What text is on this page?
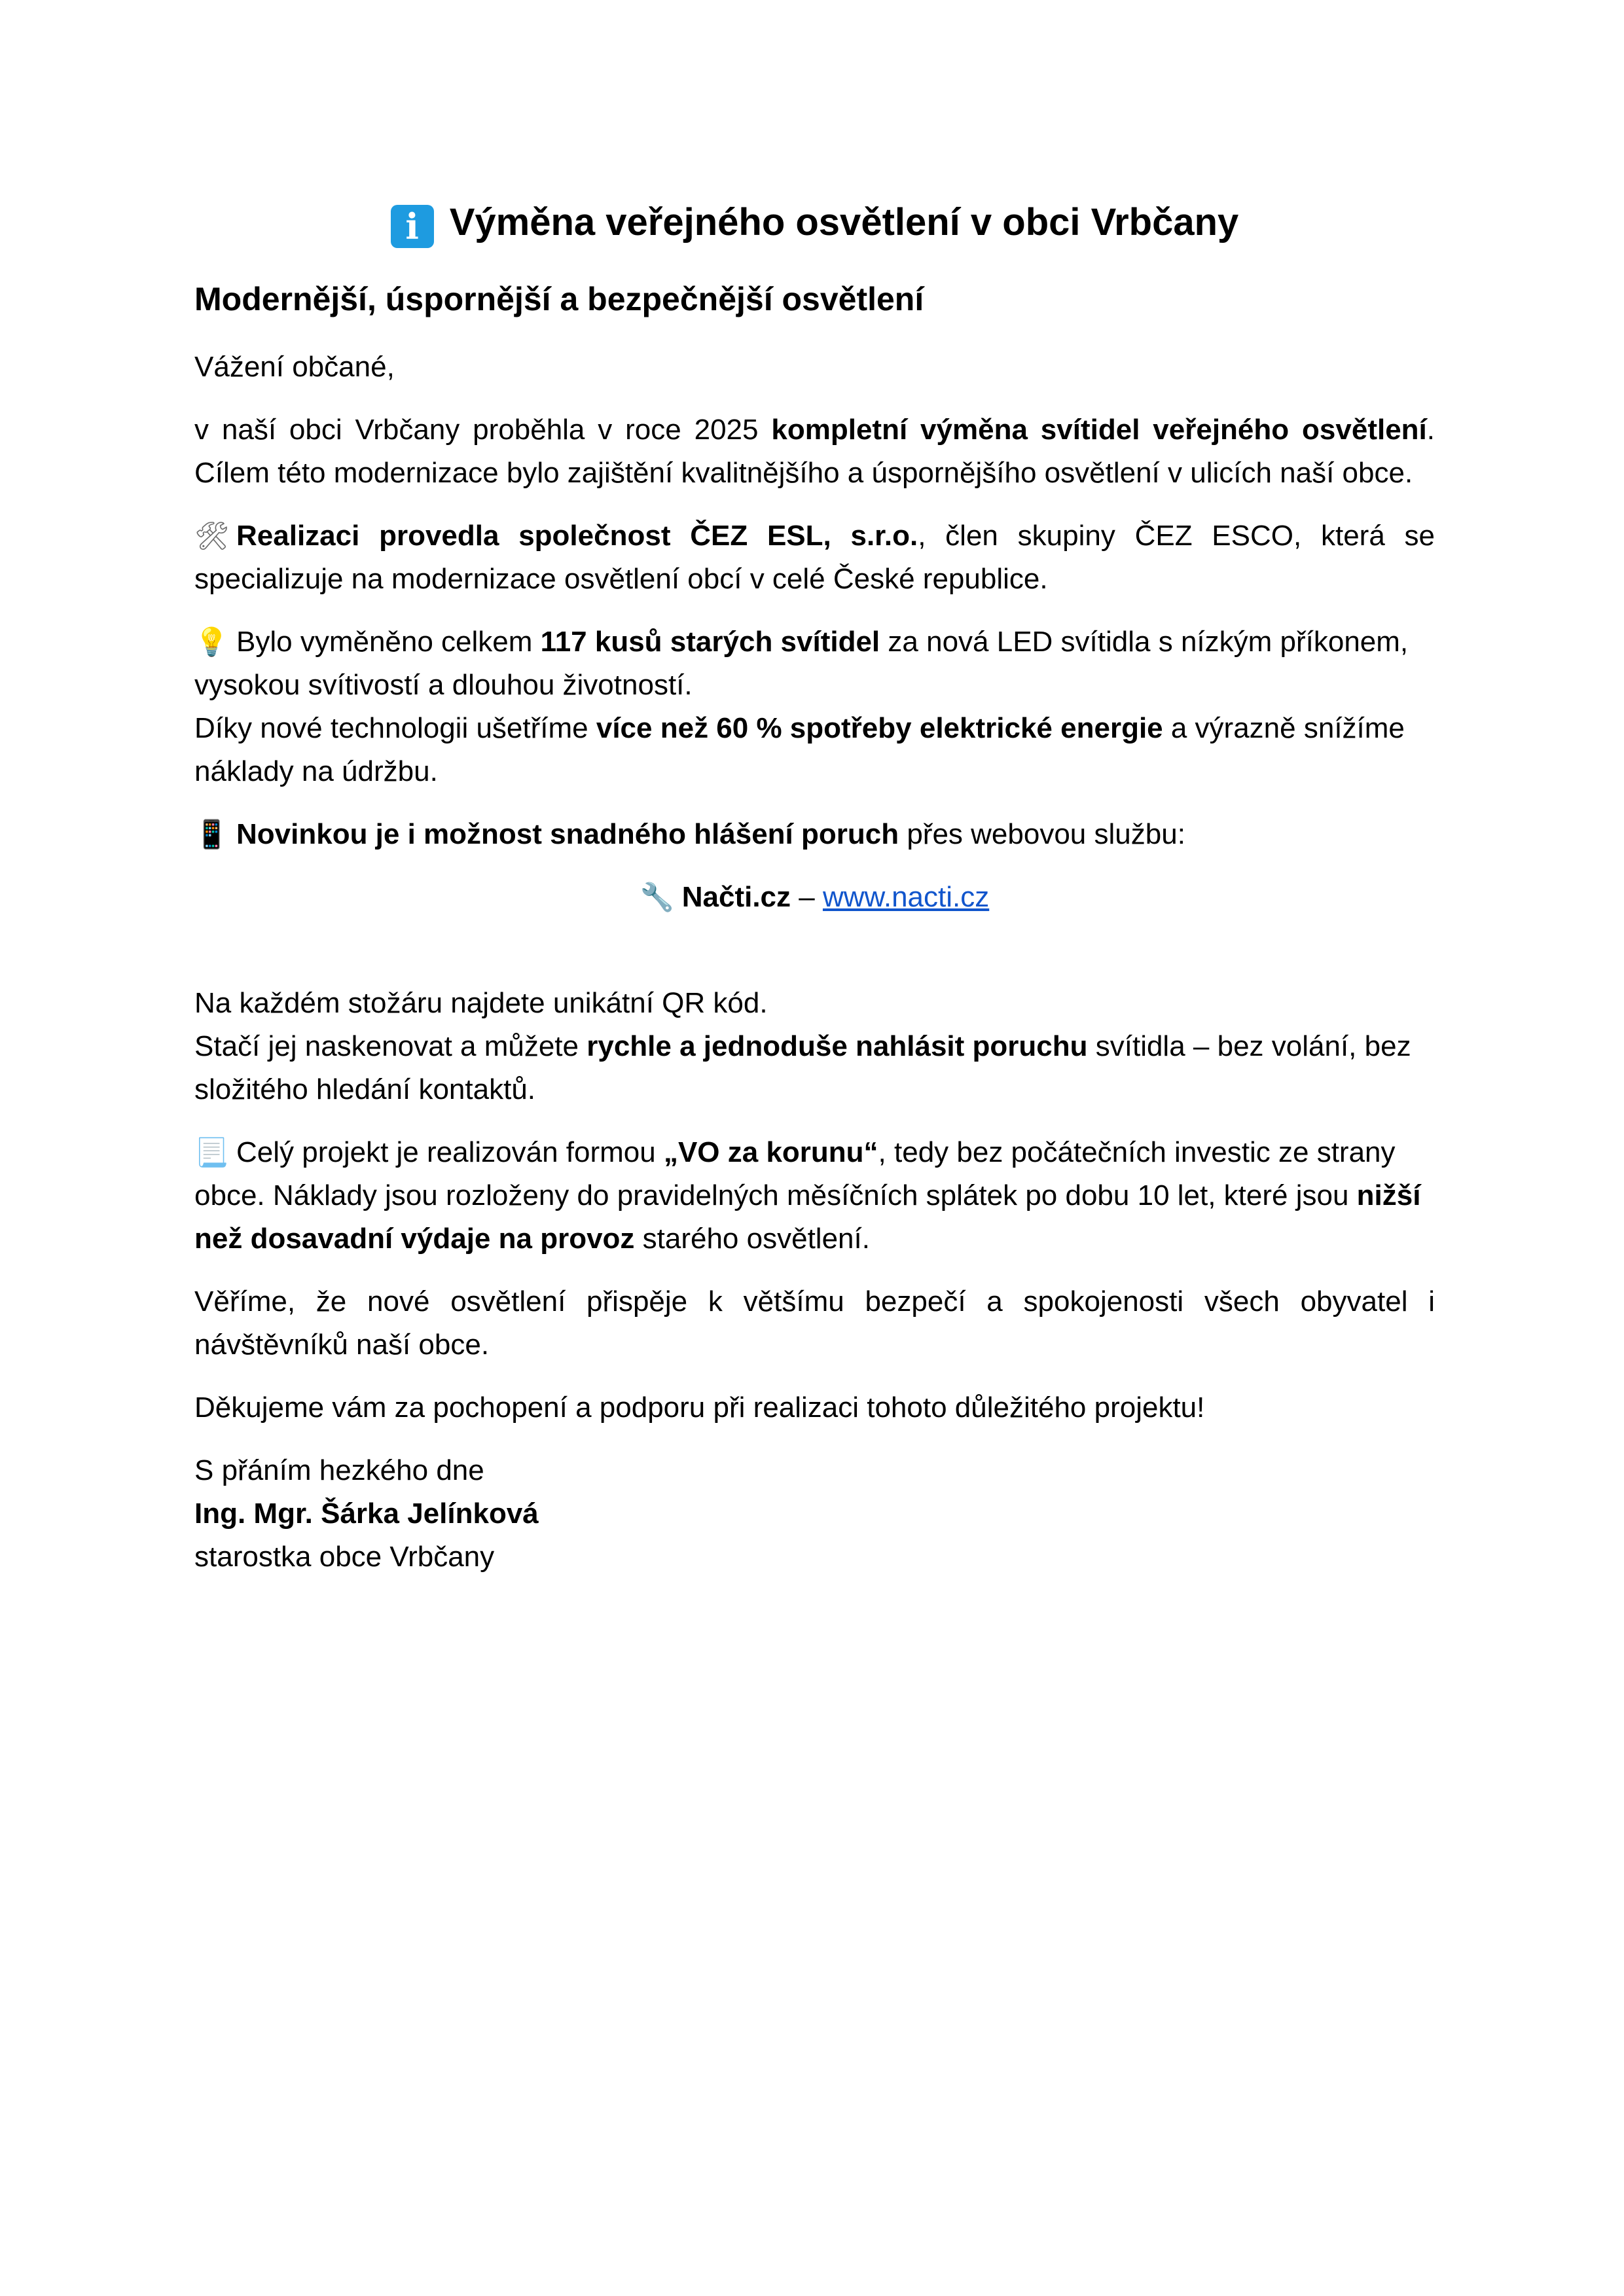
i Výměna veřejného osvětlení v obci Vrbčany
Modernější, úspornější a bezpečnější osvětlení

Vážení občané,

v naší obci Vrbčany proběhla v roce 2025 kompletní výměna svítidel veřejného osvětlení. Cílem této modernizace bylo zajištění kvalitnějšího a úspornějšího osvětlení v ulicích naší obce.

🛠 Realizaci provedla společnost ČEZ ESL, s.r.o., člen skupiny ČEZ ESCO, která se specializuje na modernizace osvětlení obcí v celé České republice.

💡 Bylo vyměněno celkem 117 kusů starých svítidel za nová LED svítidla s nízkým příkonem, vysokou svítivostí a dlouhou životností.

Díky nové technologii ušetříme více než 60 % spotřeby elektrické energie a výrazně snížíme náklady na údržbu.

📱 Novinkou je i možnost snadného hlášení poruch přes webovou službu:

🔧 Načti.cz – www.nacti.cz

Na každém stožáru najdete unikátní QR kód.

Stačí jej naskenovat a můžete rychle a jednoduše nahlásit poruchu svítidla – bez volání, bez složitého hledání kontaktů.

📃 Celý projekt je realizován formou „VO za korunu“, tedy bez počátečních investic ze strany obce. Náklady jsou rozloženy do pravidelných měsíčních splátek po dobu 10 let, které jsou nižší než dosavadní výdaje na provoz starého osvětlení.

Věříme, že nové osvětlení přispěje k většímu bezpečí a spokojenosti všech obyvatel i návštěvníků naší obce.

Děkujeme vám za pochopení a podporu při realizaci tohoto důležitého projektu!

S přáním hezkého dne

Ing. Mgr. Šárka Jelínková

starostka obce Vrbčany
